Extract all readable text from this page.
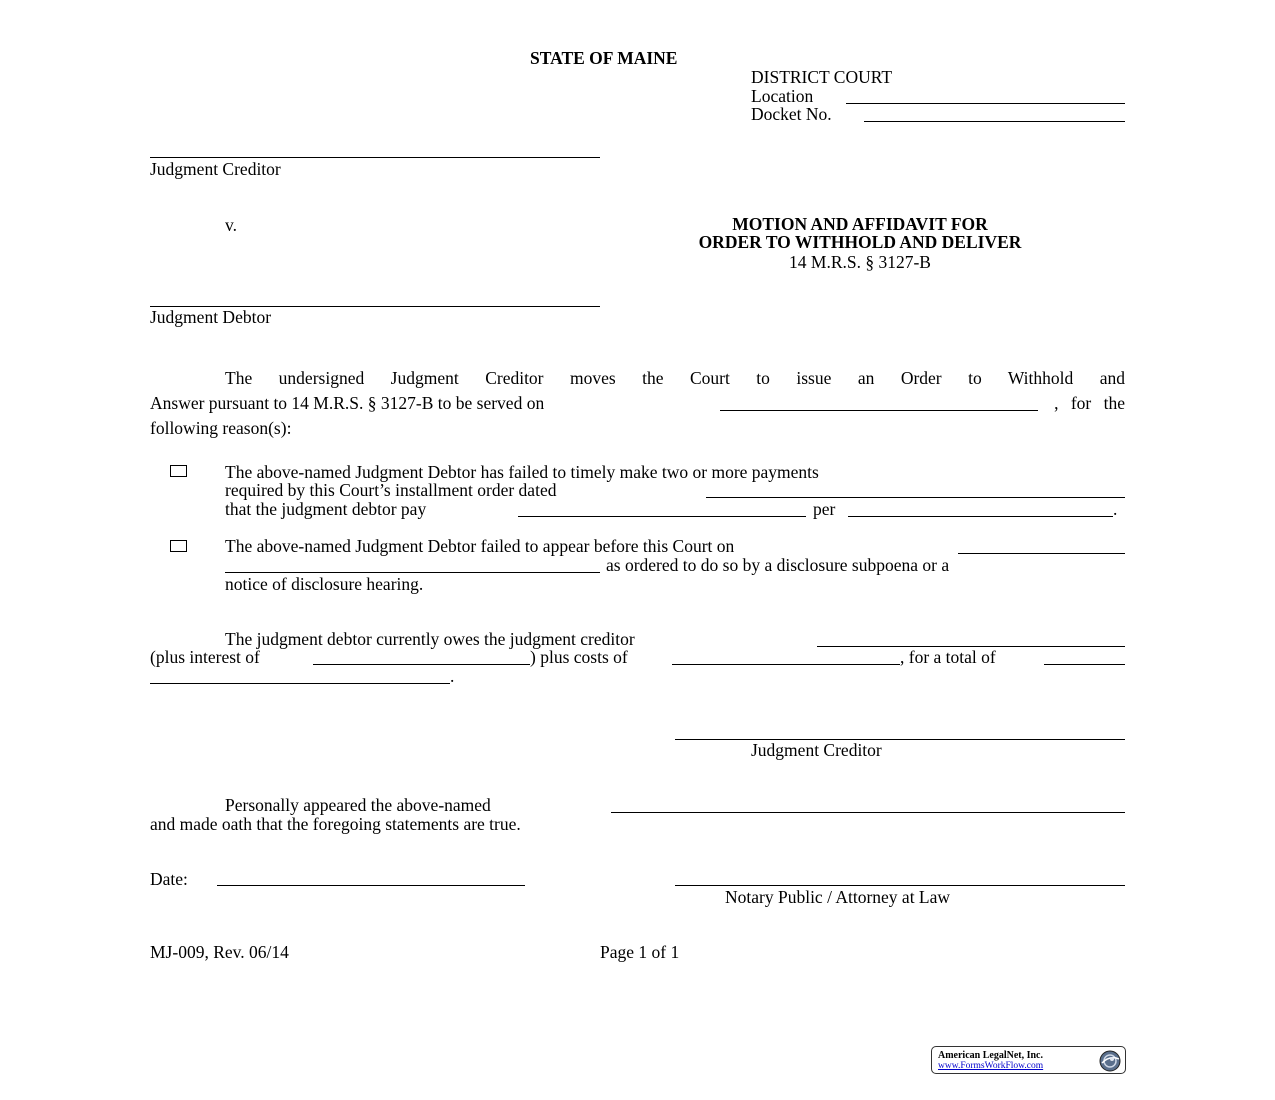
STATE OF MAINE
DISTRICT COURT
Location
Docket No.
Judgment Creditor
v.
Judgment Debtor
MOTION AND AFFIDAVIT FOR
ORDER TO WITHHOLD AND DELIVER
14 M.R.S. § 3127-B
The undersigned Judgment Creditor moves the Court to issue an Order to Withhold and
Answer pursuant to 14 M.R.S. § 3127-B to be served on	, for the
following reason(s):
The above-named Judgment Debtor has failed to timely make two or more payments
required by this Court’s installment order dated
that the judgment debtor pay	per	.
The above-named Judgment Debtor failed to appear before this Court on
as ordered to do so by a disclosure subpoena or a
notice of disclosure hearing.
The judgment debtor currently owes the judgment creditor
(plus interest of	) plus costs of	, for a total of
.
Judgment Creditor
Personally appeared the above-named
and made oath that the foregoing statements are true.
Date:
Notary Public / Attorney at Law
MJ-009, Rev. 06/14	Page 1 of 1
American LegalNet, Inc.
www.FormsWorkFlow.com
